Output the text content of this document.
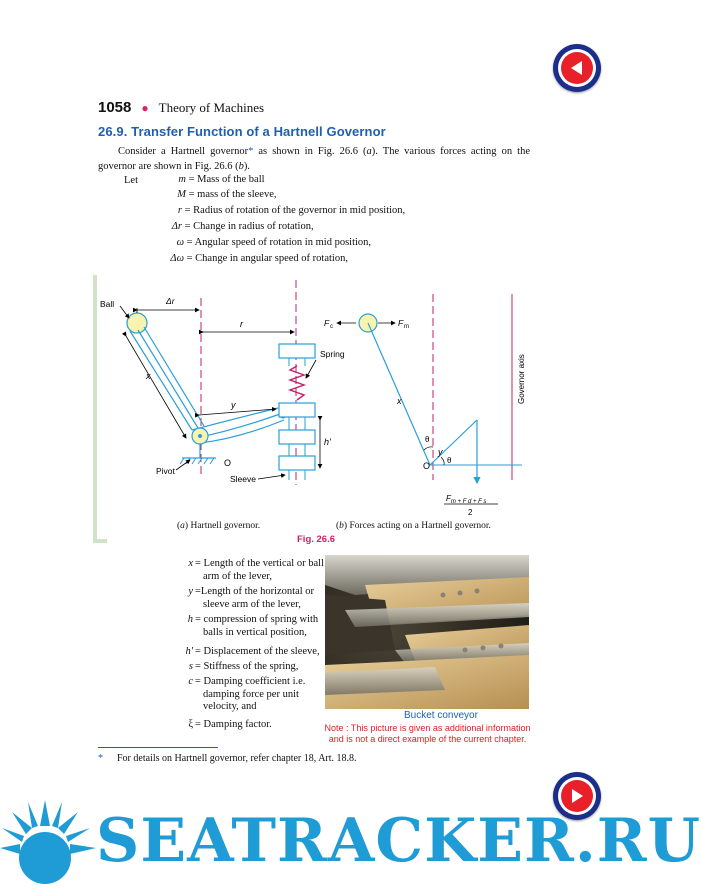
1058 ● Theory of Machines
26.9. Transfer Function of a Hartnell Governor
Consider a Hartnell governor* as shown in Fig. 26.6 (a). The various forces acting on the governor are shown in Fig. 26.6 (b).
Let	m = Mass of the ball
M = mass of the sleeve,
r = Radius of rotation of the governor in mid position,
Δr = Change in radius of rotation,
ω = Angular speed of rotation in mid position,
Δω = Change in angular speed of rotation,
Ball	Δr
r
Spring
x
y
h'
Pivot
O
Sleeve
F c	F m
x
θ
y
θ
O
Governor axis
$F_{m + F d + F s}$
2
(a) Hartnell governor.	(b) Forces acting on a Hartnell governor.
Fig. 26.6
x = Length of the vertical or ball
arm of the lever,
y =Length of the horizontal or
sleeve arm of the lever,
h = compression of spring with
balls in vertical position,
h' = Displacement of the sleeve,
s = Stiffness of the spring,
c = Damping coefficient i.e.
damping force per unit
velocity, and
ξ = Damping factor.
Bucket conveyor
Note : This picture is given as additional information
and is not a direct example of the current chapter.
* For details on Hartnell governor, refer chapter 18, Art. 18.8.
SEATRACKER.RU
